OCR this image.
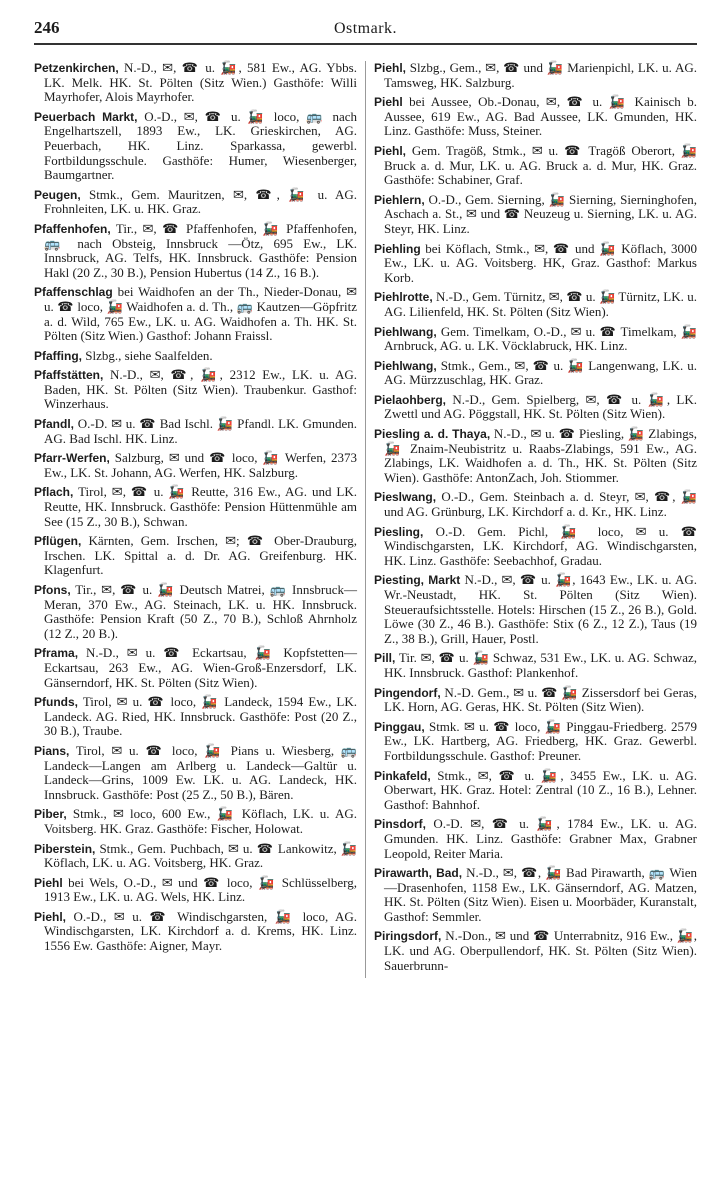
246	Ostmark.
Petzenkirchen, N.-D., ✉, ☎ u. 🚂, 581 Ew., AG. Ybbs. LK. Melk. HK. St. Pölten (Sitz Wien.) Gasthöfe: Willi Mayrhofer, Alois Mayrhofer.
Peuerbach Markt, O.-D., ✉, ☎ u. 🚂 loco, 🚌 nach Engelhartszell, 1893 Ew., LK. Grieskirchen, AG. Peuerbach, HK. Linz. Sparkassa, gewerbl. Fortbildungsschule. Gasthöfe: Humer, Wiesenberger, Baumgartner.
Peugen, Stmk., Gem. Mauritzen, ✉, ☎, 🚂 u. AG. Frohnleiten, LK. u. HK. Graz.
Pfaffenhofen, Tir., ✉, ☎ Pfaffenhofen, 🚂 Pfaffenhofen, 🚌 nach Obsteig, Innsbruck —Ötz, 695 Ew., LK. Innsbruck, AG. Telfs, HK. Innsbruck. Gasthöfe: Pension Hakl (20 Z., 30 B.), Pension Hubertus (14 Z., 16 B.).
Pfaffenschlag bei Waidhofen an der Th., Nieder-Donau, ✉ u. ☎ loco, 🚂 Waidhofen a. d. Th., 🚌 Kautzen—Göpfritz a. d. Wild, 765 Ew., LK. u. AG. Waidhofen a. Th. HK. St. Pölten (Sitz Wien.) Gasthof: Johann Fraissl.
Pfaffing, Slzbg., siehe Saalfelden.
Pfaffstätten, N.-D., ✉, ☎, 🚂, 2312 Ew., LK. u. AG. Baden, HK. St. Pölten (Sitz Wien). Traubenkur. Gasthof: Winzerhaus.
Pfandl, O.-D. ✉ u. ☎ Bad Ischl. 🚂 Pfandl. LK. Gmunden. AG. Bad Ischl. HK. Linz.
Pfarr-Werfen, Salzburg, ✉ und ☎ loco, 🚂 Werfen, 2373 Ew., LK. St. Johann, AG. Werfen, HK. Salzburg.
Pflach, Tirol, ✉, ☎ u. 🚂 Reutte, 316 Ew., AG. und LK. Reutte, HK. Innsbruck. Gasthöfe: Pension Hüttenmühle am See (15 Z., 30 B.), Schwan.
Pflügen, Kärnten, Gem. Irschen, ✉; ☎ Ober-Drauburg, Irschen. LK. Spittal a. d. Dr. AG. Greifenburg. HK. Klagenfurt.
Pfons, Tir., ✉, ☎ u. 🚂 Deutsch Matrei, 🚌 Innsbruck—Meran, 370 Ew., AG. Steinach, LK. u. HK. Innsbruck. Gasthöfe: Pension Kraft (50 Z., 70 B.), Schloß Ahrnholz (12 Z., 20 B.).
Pframa, N.-D., ✉ u. ☎ Eckartsau, 🚂 Kopfstetten—Eckartsau, 263 Ew., AG. Wien-Groß-Enzersdorf, LK. Gänserndorf, HK. St. Pölten (Sitz Wien).
Pfunds, Tirol, ✉ u. ☎ loco, 🚂 Landeck, 1594 Ew., LK. Landeck. AG. Ried, HK. Innsbruck. Gasthöfe: Post (20 Z., 30 B.), Traube.
Pians, Tirol, ✉ u. ☎ loco, 🚂 Pians u. Wiesberg, 🚌 Landeck—Langen am Arlberg u. Landeck—Galtür u. Landeck—Grins, 1009 Ew. LK. u. AG. Landeck, HK. Innsbruck. Gasthöfe: Post (25 Z., 50 B.), Bären.
Piber, Stmk., ✉ loco, 600 Ew., 🚂 Köflach, LK. u. AG. Voitsberg. HK. Graz. Gasthöfe: Fischer, Holowat.
Piberstein, Stmk., Gem. Puchbach, ✉ u. ☎ Lankowitz, 🚂 Köflach, LK. u. AG. Voitsberg, HK. Graz.
Piehl bei Wels, O.-D., ✉ und ☎ loco, 🚂 Schlüsselberg, 1913 Ew., LK. u. AG. Wels, HK. Linz.
Piehl, O.-D., ✉ u. ☎ Windischgarsten, 🚂 loco, AG. Windischgarsten, LK. Kirchdorf a. d. Krems, HK. Linz. 1556 Ew. Gasthöfe: Aigner, Mayr.
Piehl, Slzbg., Gem., ✉, ☎ und 🚂 Marienpichl, LK. u. AG. Tamsweg, HK. Salzburg.
Piehl bei Aussee, Ob.-Donau, ✉, ☎ u. 🚂 Kainisch b. Aussee, 619 Ew., AG. Bad Aussee, LK. Gmunden, HK. Linz. Gasthöfe: Muss, Steiner.
Piehl, Gem. Tragöß, Stmk., ✉ u. ☎ Tragöß Oberort, 🚂 Bruck a. d. Mur, LK. u. AG. Bruck a. d. Mur, HK. Graz. Gasthöfe: Schabiner, Graf.
Piehlern, O.-D., Gem. Sierning, 🚂 Sierning, Sierninghofen, Aschach a. St., ✉ und ☎ Neuzeug u. Sierning, LK. u. AG. Steyr, HK. Linz.
Piehling bei Köflach, Stmk., ✉, ☎ und 🚂 Köflach, 3000 Ew., LK. u. AG. Voitsberg. HK, Graz. Gasthof: Markus Korb.
Piehlrotte, N.-D., Gem. Türnitz, ✉, ☎ u. 🚂 Türnitz, LK. u. AG. Lilienfeld, HK. St. Pölten (Sitz Wien).
Piehlwang, Gem. Timelkam, O.-D., ✉ u. ☎ Timelkam, 🚂 Arnbruck, AG. u. LK. Vöcklabruck, HK. Linz.
Piehlwang, Stmk., Gem., ✉, ☎ u. 🚂 Langenwang, LK. u. AG. Mürzzuschlag, HK. Graz.
Pielaohberg, N.-D., Gem. Spielberg, ✉, ☎ u. 🚂, LK. Zwettl und AG. Pöggstall, HK. St. Pölten (Sitz Wien).
Piesling a. d. Thaya, N.-D., ✉ u. ☎ Piesling, 🚂 Zlabings, 🚂 Znaim-Neubistritz u. Raabs-Zlabings, 591 Ew., AG. Zlabings, LK. Waidhofen a. d. Th., HK. St. Pölten (Sitz Wien). Gasthöfe: AntonZach, Joh. Stiommer.
Pieslwang, O.-D., Gem. Steinbach a. d. Steyr, ✉, ☎, 🚂 und AG. Grünburg, LK. Kirchdorf a. d. Kr., HK. Linz.
Piesling, O.-D. Gem. Pichl, 🚂 loco, ✉ u. ☎ Windischgarsten, LK. Kirchdorf, AG. Windischgarsten, HK. Linz. Gasthöfe: Seebachhof, Gradau.
Piesting, Markt N.-D., ✉, ☎ u. 🚂, 1643 Ew., LK. u. AG. Wr.-Neustadt, HK. St. Pölten (Sitz Wien). Steueraufsichtsstelle. Hotels: Hirschen (15 Z., 26 B.), Gold. Löwe (30 Z., 46 B.). Gasthöfe: Stix (6 Z., 12 Z.), Taus (19 Z., 38 B.), Grill, Hauer, Postl.
Pill, Tir. ✉, ☎ u. 🚂 Schwaz, 531 Ew., LK. u. AG. Schwaz, HK. Innsbruck. Gasthof: Plankenhof.
Pingendorf, N.-D. Gem., ✉ u. ☎ 🚂 Zissersdorf bei Geras, LK. Horn, AG. Geras, HK. St. Pölten (Sitz Wien).
Pinggau, Stmk. ✉ u. ☎ loco, 🚂 Pinggau-Friedberg. 2579 Ew., LK. Hartberg, AG. Friedberg, HK. Graz. Gewerbl. Fortbildungsschule. Gasthof: Preuner.
Pinkafeld, Stmk., ✉, ☎ u. 🚂, 3455 Ew., LK. u. AG. Oberwart, HK. Graz. Hotel: Zentral (10 Z., 16 B.), Lehner. Gasthof: Bahnhof.
Pinsdorf, O.-D. ✉, ☎ u. 🚂, 1784 Ew., LK. u. AG. Gmunden. HK. Linz. Gasthöfe: Grabner Max, Grabner Leopold, Reiter Maria.
Pirawarth, Bad, N.-D., ✉, ☎, 🚂 Bad Pirawarth, 🚌 Wien—Drasenhofen, 1158 Ew., LK. Gänserndorf, AG. Matzen, HK. St. Pölten (Sitz Wien). Eisen u. Moorbäder, Kuranstalt, Gasthof: Semmler.
Piringsdorf, N.-Don., ✉ und ☎ Unterrabnitz, 916 Ew., 🚂, LK. und AG. Oberpullendorf, HK. St. Pölten (Sitz Wien). Sauerbrunn-
